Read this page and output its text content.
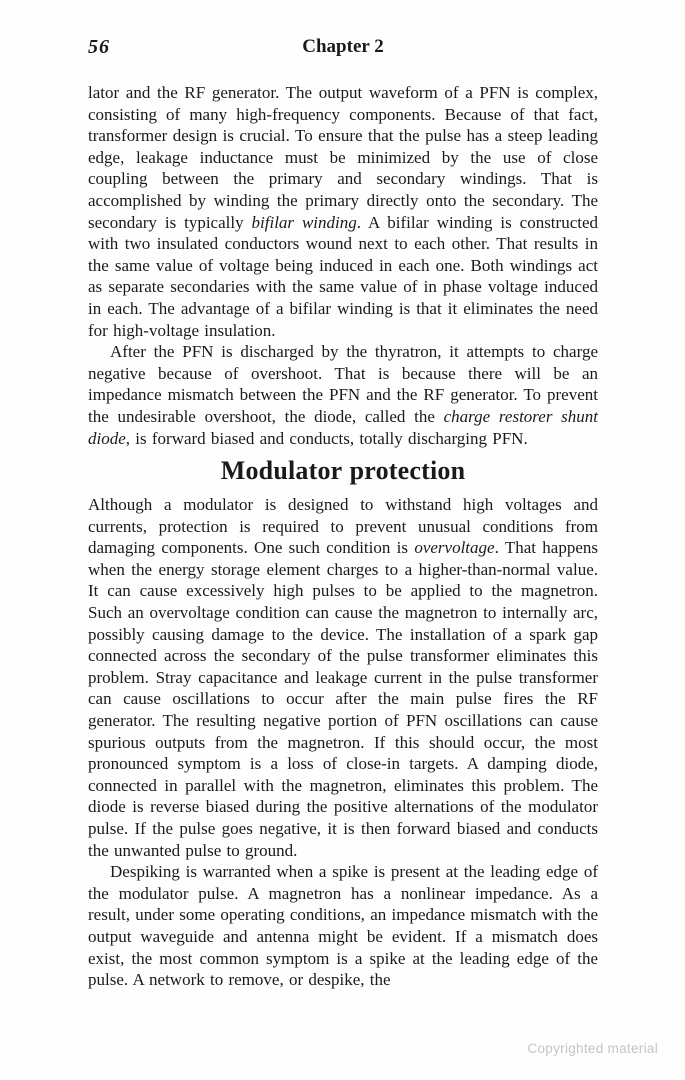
56	Chapter 2

lator and the RF generator. The output waveform of a PFN is complex, consisting of many high-frequency components. Because of that fact, transformer design is crucial. To ensure that the pulse has a steep leading edge, leakage inductance must be minimized by the use of close coupling between the primary and secondary windings. That is accomplished by winding the primary directly onto the secondary. The secondary is typically bifilar winding. A bifilar winding is constructed with two insulated conductors wound next to each other. That results in the same value of voltage being induced in each one. Both windings act as separate secondaries with the same value of in phase voltage induced in each. The advantage of a bifilar winding is that it eliminates the need for high-voltage insulation.

After the PFN is discharged by the thyratron, it attempts to charge negative because of overshoot. That is because there will be an impedance mismatch between the PFN and the RF generator. To prevent the undesirable overshoot, the diode, called the charge restorer shunt diode, is forward biased and conducts, totally discharging PFN.

Modulator protection

Although a modulator is designed to withstand high voltages and currents, protection is required to prevent unusual conditions from damaging components. One such condition is overvoltage. That happens when the energy storage element charges to a higher-than-normal value. It can cause excessively high pulses to be applied to the magnetron. Such an overvoltage condition can cause the magnetron to internally arc, possibly causing damage to the device. The installation of a spark gap connected across the secondary of the pulse transformer eliminates this problem. Stray capacitance and leakage current in the pulse transformer can cause oscillations to occur after the main pulse fires the RF generator. The resulting negative portion of PFN oscillations can cause spurious outputs from the magnetron. If this should occur, the most pronounced symptom is a loss of close-in targets. A damping diode, connected in parallel with the magnetron, eliminates this problem. The diode is reverse biased during the positive alternations of the modulator pulse. If the pulse goes negative, it is then forward biased and conducts the unwanted pulse to ground.

Despiking is warranted when a spike is present at the leading edge of the modulator pulse. A magnetron has a nonlinear impedance. As a result, under some operating conditions, an impedance mismatch with the output waveguide and antenna might be evident. If a mismatch does exist, the most common symptom is a spike at the leading edge of the pulse. A network to remove, or despike, the

Copyrighted material
